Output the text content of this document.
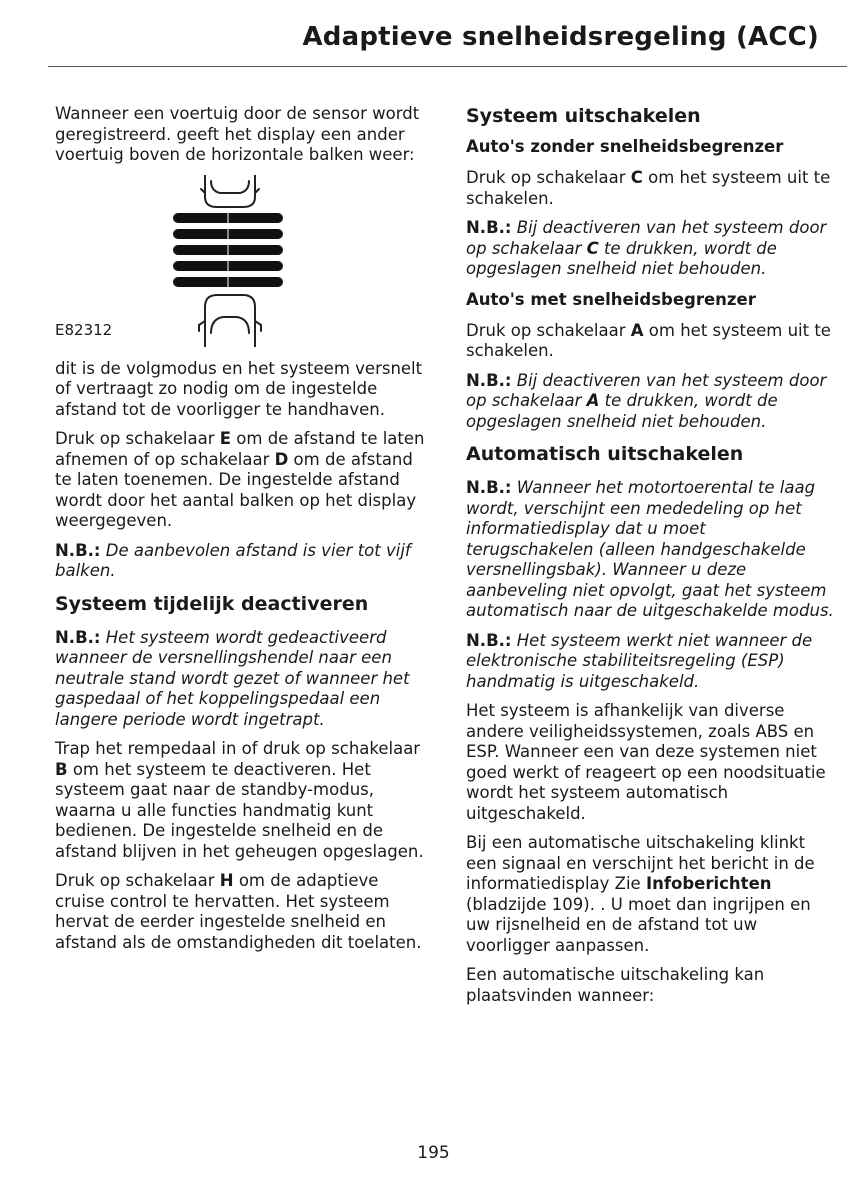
Adaptieve snelheidsregeling (ACC)

Wanneer een voertuig door de sensor wordt geregistreerd. geeft het display een ander voertuig boven de horizontale balken weer:

E82312

dit is de volgmodus en het systeem versnelt of vertraagt zo nodig om de ingestelde afstand tot de voorligger te handhaven.

Druk op schakelaar E om de afstand te laten afnemen of op schakelaar D om de afstand te laten toenemen. De ingestelde afstand wordt door het aantal balken op het display weergegeven.

N.B.: De aanbevolen afstand is vier tot vijf balken.

Systeem tijdelijk deactiveren

N.B.: Het systeem wordt gedeactiveerd wanneer de versnellingshendel naar een neutrale stand wordt gezet of wanneer het gaspedaal of het koppelingspedaal een langere periode wordt ingetrapt.

Trap het rempedaal in of druk op schakelaar B om het systeem te deactiveren. Het systeem gaat naar de standby-modus, waarna u alle functies handmatig kunt bedienen. De ingestelde snelheid en de afstand blijven in het geheugen opgeslagen.

Druk op schakelaar H om de adaptieve cruise control te hervatten. Het systeem hervat de eerder ingestelde snelheid en afstand als de omstandigheden dit toelaten.

Systeem uitschakelen
Auto's zonder snelheidsbegrenzer

Druk op schakelaar C om het systeem uit te schakelen.

N.B.: Bij deactiveren van het systeem door op schakelaar C te drukken, wordt de opgeslagen snelheid niet behouden.

Auto's met snelheidsbegrenzer

Druk op schakelaar A om het systeem uit te schakelen.

N.B.: Bij deactiveren van het systeem door op schakelaar A te drukken, wordt de opgeslagen snelheid niet behouden.

Automatisch uitschakelen

N.B.: Wanneer het motortoerental te laag wordt, verschijnt een mededeling op het informatiedisplay dat u moet terugschakelen (alleen handgeschakelde versnellingsbak). Wanneer u deze aanbeveling niet opvolgt, gaat het systeem automatisch naar de uitgeschakelde modus.

N.B.: Het systeem werkt niet wanneer de elektronische stabiliteitsregeling (ESP) handmatig is uitgeschakeld.

Het systeem is afhankelijk van diverse andere veiligheidssystemen, zoals ABS en ESP. Wanneer een van deze systemen niet goed werkt of reageert op een noodsituatie wordt het systeem automatisch uitgeschakeld.

Bij een automatische uitschakeling klinkt een signaal en verschijnt het bericht in de informatiedisplay Zie Infoberichten (bladzijde 109). . U moet dan ingrijpen en uw rijsnelheid en de afstand tot uw voorligger aanpassen.

Een automatische uitschakeling kan plaatsvinden wanneer:

195
